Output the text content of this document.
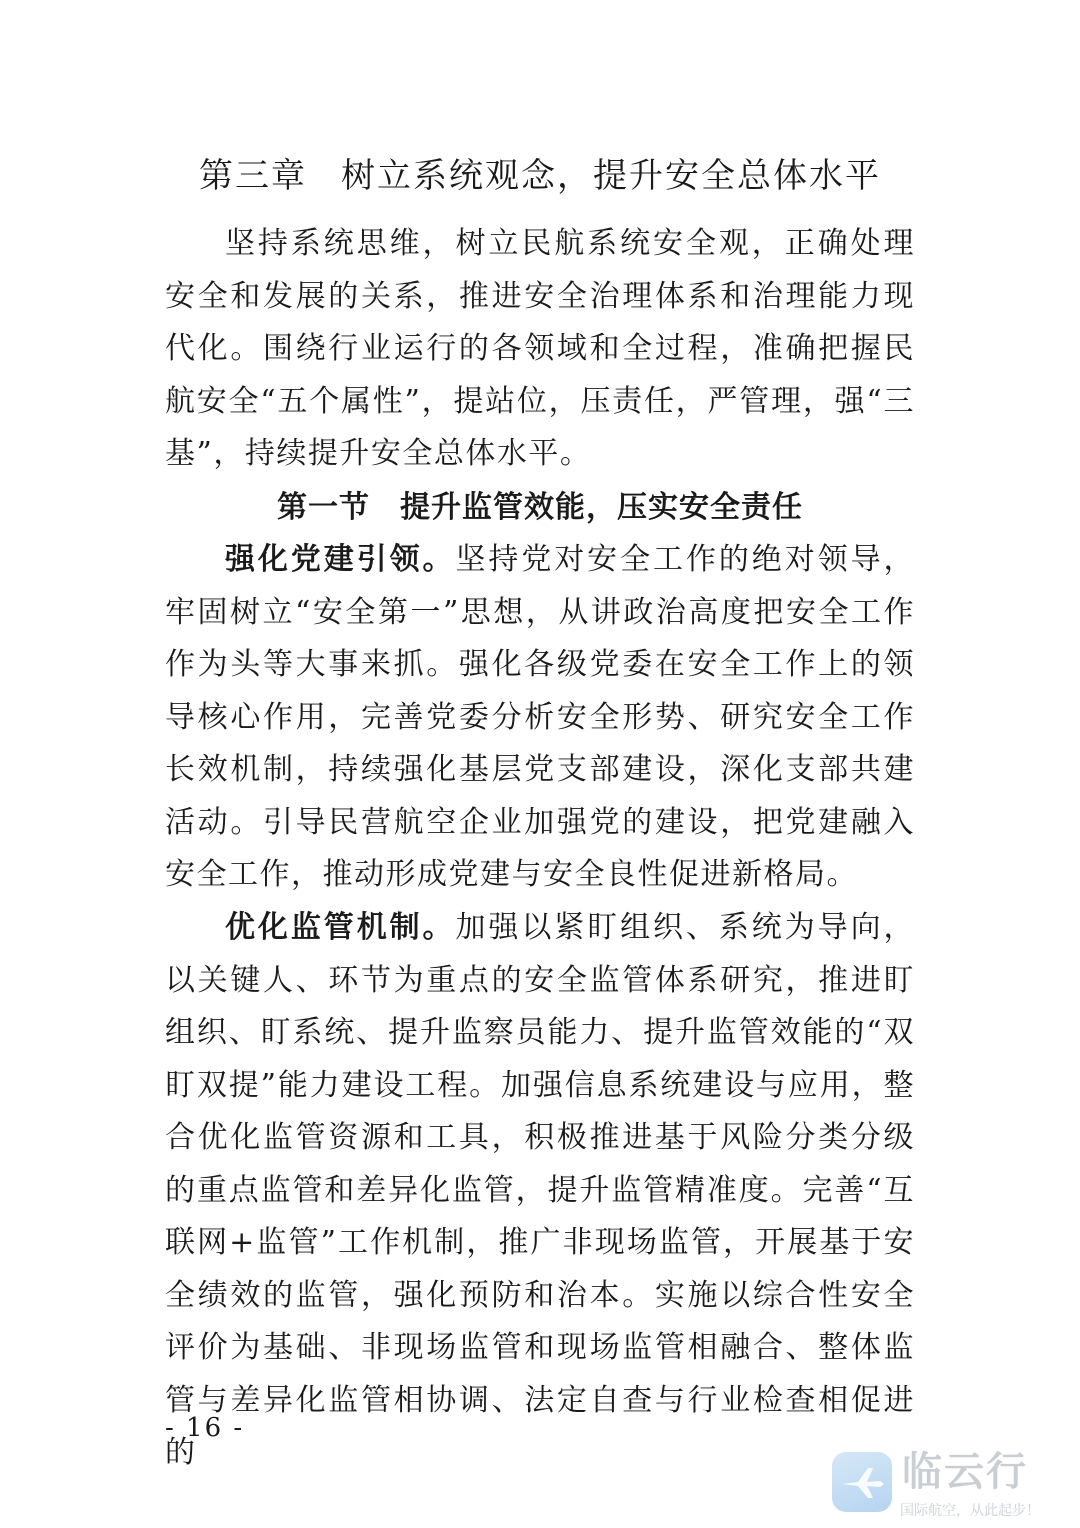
第三章 树立系统观念，提升安全总体水平

坚持系统思维，树立民航系统安全观，正确处理安全和发展的关系，推进安全治理体系和治理能力现代化。围绕行业运行的各领域和全过程，准确把握民航安全“五个属性”，提站位，压责任，严管理，强“三基”，持续提升安全总体水平。

第一节 提升监管效能，压实安全责任

强化党建引领。坚持党对安全工作的绝对领导，牢固树立“安全第一”思想，从讲政治高度把安全工作作为头等大事来抓。强化各级党委在安全工作上的领导核心作用，完善党委分析安全形势、研究安全工作长效机制，持续强化基层党支部建设，深化支部共建活动。引导民营航空企业加强党的建设，把党建融入安全工作，推动形成党建与安全良性促进新格局。

优化监管机制。加强以紧盯组织、系统为导向，以关键人、环节为重点的安全监管体系研究，推进盯组织、盯系统、提升监察员能力、提升监管效能的“双盯双提”能力建设工程。加强信息系统建设与应用，整合优化监管资源和工具，积极推进基于风险分类分级的重点监管和差异化监管，提升监管精准度。完善“互联网+监管”工作机制，推广非现场监管，开展基于安全绩效的监管，强化预防和治本。实施以综合性安全评价为基础、非现场监管和现场监管相融合、整体监管与差异化监管相协调、法定自查与行业检查相促进的

- 16 -
临云行
国际航空，从此起步！
